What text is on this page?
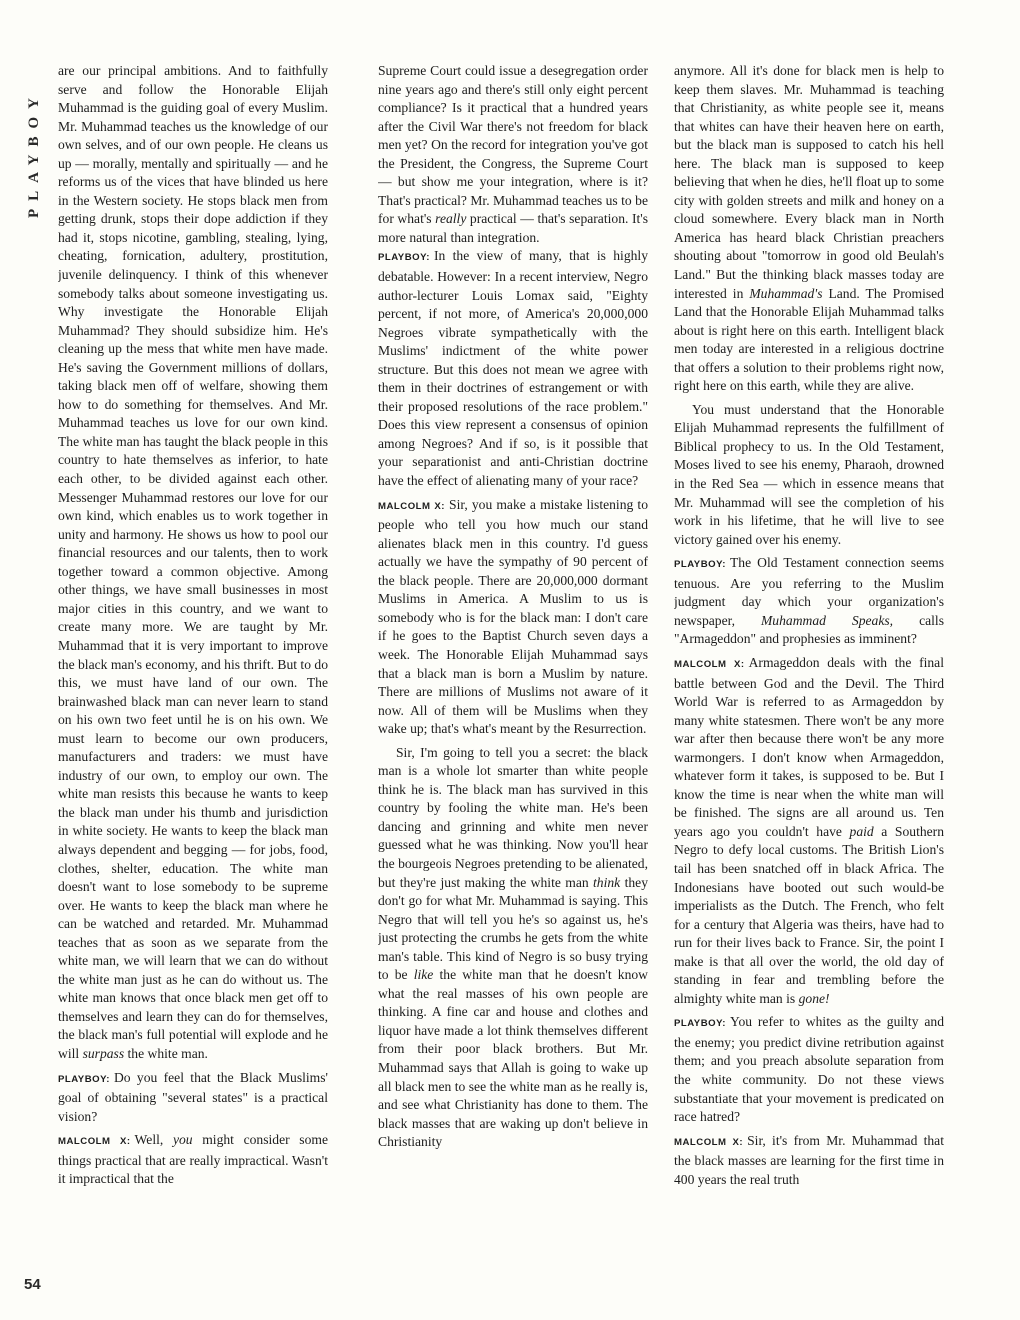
PLAYBOY
54

are our principal ambitions. And to faithfully serve and follow the Honorable Elijah Muhammad is the guiding goal of every Muslim. Mr. Muhammad teaches us the knowledge of our own selves, and of our own people. He cleans us up — morally, mentally and spiritually — and he reforms us of the vices that have blinded us here in the Western society. He stops black men from getting drunk, stops their dope addiction if they had it, stops nicotine, gambling, stealing, lying, cheating, fornication, adultery, prostitution, juvenile delinquency. I think of this whenever somebody talks about someone investigating us. Why investigate the Honorable Elijah Muhammad? They should subsidize him. He's cleaning up the mess that white men have made. He's saving the Government millions of dollars, taking black men off of welfare, showing them how to do something for themselves. And Mr. Muhammad teaches us love for our own kind. The white man has taught the black people in this country to hate themselves as inferior, to hate each other, to be divided against each other. Messenger Muhammad restores our love for our own kind, which enables us to work together in unity and harmony. He shows us how to pool our financial resources and our talents, then to work together toward a common objective. Among other things, we have small businesses in most major cities in this country, and we want to create many more. We are taught by Mr. Muhammad that it is very important to improve the black man's economy, and his thrift. But to do this, we must have land of our own. The brainwashed black man can never learn to stand on his own two feet until he is on his own. We must learn to become our own producers, manufacturers and traders: we must have industry of our own, to employ our own. The white man resists this because he wants to keep the black man under his thumb and jurisdiction in white society. He wants to keep the black man always dependent and begging — for jobs, food, clothes, shelter, education. The white man doesn't want to lose somebody to be supreme over. He wants to keep the black man where he can be watched and retarded. Mr. Muhammad teaches that as soon as we separate from the white man, we will learn that we can do without the white man just as he can do without us. The white man knows that once black men get off to themselves and learn they can do for themselves, the black man's full potential will explode and he will surpass the white man.

PLAYBOY: Do you feel that the Black Muslims' goal of obtaining "several states" is a practical vision?

MALCOLM X: Well, you might consider some things practical that are really impractical. Wasn't it impractical that the

Supreme Court could issue a desegregation order nine years ago and there's still only eight percent compliance? Is it practical that a hundred years after the Civil War there's not freedom for black men yet? On the record for integration you've got the President, the Congress, the Supreme Court — but show me your integration, where is it? That's practical? Mr. Muhammad teaches us to be for what's really practical — that's separation. It's more natural than integration.

PLAYBOY: In the view of many, that is highly debatable. However: In a recent interview, Negro author-lecturer Louis Lomax said, "Eighty percent, if not more, of America's 20,000,000 Negroes vibrate sympathetically with the Muslims' indictment of the white power structure. But this does not mean we agree with them in their doctrines of estrangement or with their proposed resolutions of the race problem." Does this view represent a consensus of opinion among Negroes? And if so, is it possible that your separationist and anti-Christian doctrine have the effect of alienating many of your race?

MALCOLM X: Sir, you make a mistake listening to people who tell you how much our stand alienates black men in this country. I'd guess actually we have the sympathy of 90 percent of the black people. There are 20,000,000 dormant Muslims in America. A Muslim to us is somebody who is for the black man: I don't care if he goes to the Baptist Church seven days a week. The Honorable Elijah Muhammad says that a black man is born a Muslim by nature. There are millions of Muslims not aware of it now. All of them will be Muslims when they wake up; that's what's meant by the Resurrection.

Sir, I'm going to tell you a secret: the black man is a whole lot smarter than white people think he is. The black man has survived in this country by fooling the white man. He's been dancing and grinning and white men never guessed what he was thinking. Now you'll hear the bourgeois Negroes pretending to be alienated, but they're just making the white man think they don't go for what Mr. Muhammad is saying. This Negro that will tell you he's so against us, he's just protecting the crumbs he gets from the white man's table. This kind of Negro is so busy trying to be like the white man that he doesn't know what the real masses of his own people are thinking. A fine car and house and clothes and liquor have made a lot think themselves different from their poor black brothers. But Mr. Muhammad says that Allah is going to wake up all black men to see the white man as he really is, and see what Christianity has done to them. The black masses that are waking up don't believe in Christianity

anymore. All it's done for black men is help to keep them slaves. Mr. Muhammad is teaching that Christianity, as white people see it, means that whites can have their heaven here on earth, but the black man is supposed to catch his hell here. The black man is supposed to keep believing that when he dies, he'll float up to some city with golden streets and milk and honey on a cloud somewhere. Every black man in North America has heard black Christian preachers shouting about "tomorrow in good old Beulah's Land." But the thinking black masses today are interested in Muhammad's Land. The Promised Land that the Honorable Elijah Muhammad talks about is right here on this earth. Intelligent black men today are interested in a religious doctrine that offers a solution to their problems right now, right here on this earth, while they are alive.

You must understand that the Honorable Elijah Muhammad represents the fulfillment of Biblical prophecy to us. In the Old Testament, Moses lived to see his enemy, Pharaoh, drowned in the Red Sea — which in essence means that Mr. Muhammad will see the completion of his work in his lifetime, that he will live to see victory gained over his enemy.

PLAYBOY: The Old Testament connection seems tenuous. Are you referring to the Muslim judgment day which your organization's newspaper, Muhammad Speaks, calls "Armageddon" and prophesies as imminent?

MALCOLM X: Armageddon deals with the final battle between God and the Devil. The Third World War is referred to as Armageddon by many white statesmen. There won't be any more war after then because there won't be any more warmongers. I don't know when Armageddon, whatever form it takes, is supposed to be. But I know the time is near when the white man will be finished. The signs are all around us. Ten years ago you couldn't have paid a Southern Negro to defy local customs. The British Lion's tail has been snatched off in black Africa. The Indonesians have booted out such would-be imperialists as the Dutch. The French, who felt for a century that Algeria was theirs, have had to run for their lives back to France. Sir, the point I make is that all over the world, the old day of standing in fear and trembling before the almighty white man is gone!

PLAYBOY: You refer to whites as the guilty and the enemy; you predict divine retribution against them; and you preach absolute separation from the white community. Do not these views substantiate that your movement is predicated on race hatred?

MALCOLM X: Sir, it's from Mr. Muhammad that the black masses are learning for the first time in 400 years the real truth
